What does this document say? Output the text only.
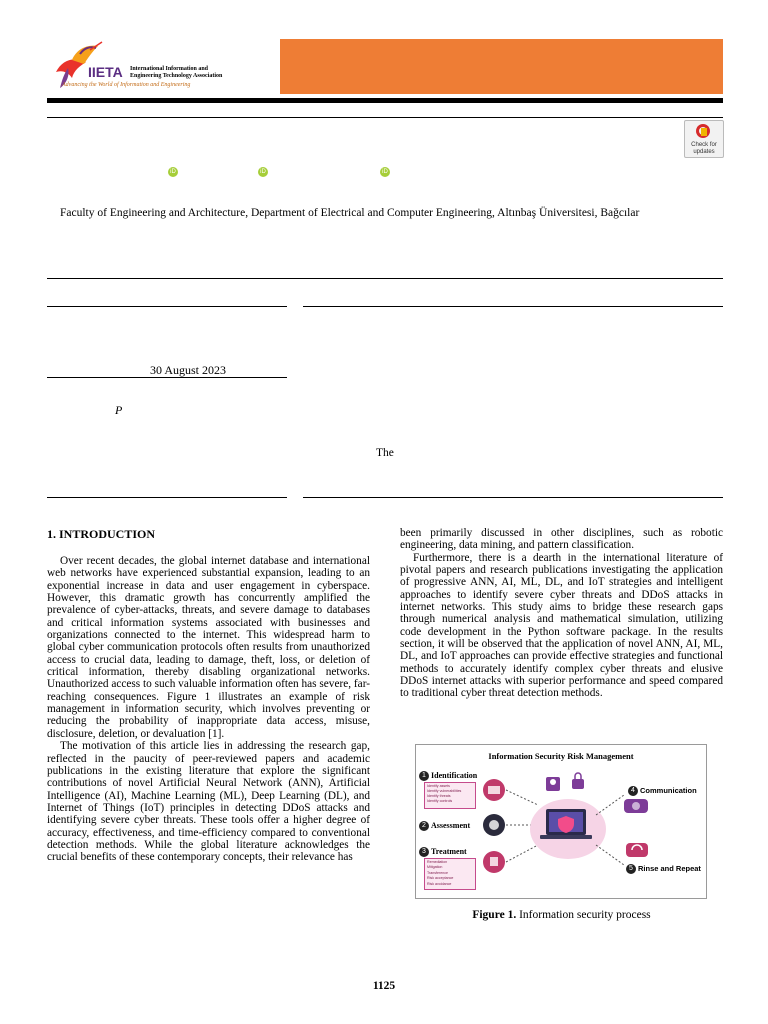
IIETA International Information and
Engineering Technology Association
Advancing the World of Information and Engineering
Check for updates
iD	iD	iD
Faculty of Engineering and Architecture, Department of Electrical and Computer Engineering, Altınbaş Üniversitesi, Bağcılar
30 August 2023
P
The
1. INTRODUCTION

Over recent decades, the global internet database and international web networks have experienced substantial expansion, leading to an exponential increase in data and user engagement in cyberspace. However, this dramatic growth has concurrently amplified the prevalence of cyber-attacks, threats, and severe damage to databases and critical information systems associated with businesses and organizations connected to the internet. This widespread harm to global cyber communication protocols often results from unauthorized access to crucial data, leading to damage, theft, loss, or deletion of critical information, thereby disabling organizational networks. Unauthorized access to such valuable information often has severe, far-reaching consequences. Figure 1 illustrates an example of risk management in information security, which involves preventing or reducing the probability of inappropriate data access, misuse, disclosure, deletion, or devaluation [1].

The motivation of this article lies in addressing the research gap, reflected in the paucity of peer-reviewed papers and academic publications in the existing literature that explore the significant contributions of novel Artificial Neural Network (ANN), Artificial Intelligence (AI), Machine Learning (ML), Deep Learning (DL), and Internet of Things (IoT) principles in detecting DDoS attacks and identifying severe cyber threats. These tools offer a higher degree of accuracy, effectiveness, and time-efficiency compared to conventional detection methods. While the global literature acknowledges the crucial benefits of these contemporary concepts, their relevance has

been primarily discussed in other disciplines, such as robotic engineering, data mining, and pattern classification.

Furthermore, there is a dearth in the international literature of pivotal papers and research publications investigating the application of progressive ANN, AI, ML, DL, and IoT strategies and intelligent approaches to identify severe cyber threats and DDoS attacks in internet networks. This study aims to bridge these research gaps through numerical analysis and mathematical simulation, utilizing code development in the Python software package. In the results section, it will be observed that the application of novel ANN, AI, ML, DL, and IoT approaches can provide effective strategies and functional methods to accurately identify complex cyber threats and elusive DDoS internet attacks with superior performance and speed compared to traditional cyber threat detection methods.

Information Security Risk Management
1 Identification
Identify assets
Identify vulnerabilities
Identify threats
Identify controls
2 Assessment
3 Treatment
Remediation
Mitigation
Transference
Risk acceptance
Risk avoidance
4 Communication
5 Rinse and Repeat
Figure 1. Information security process
1125
